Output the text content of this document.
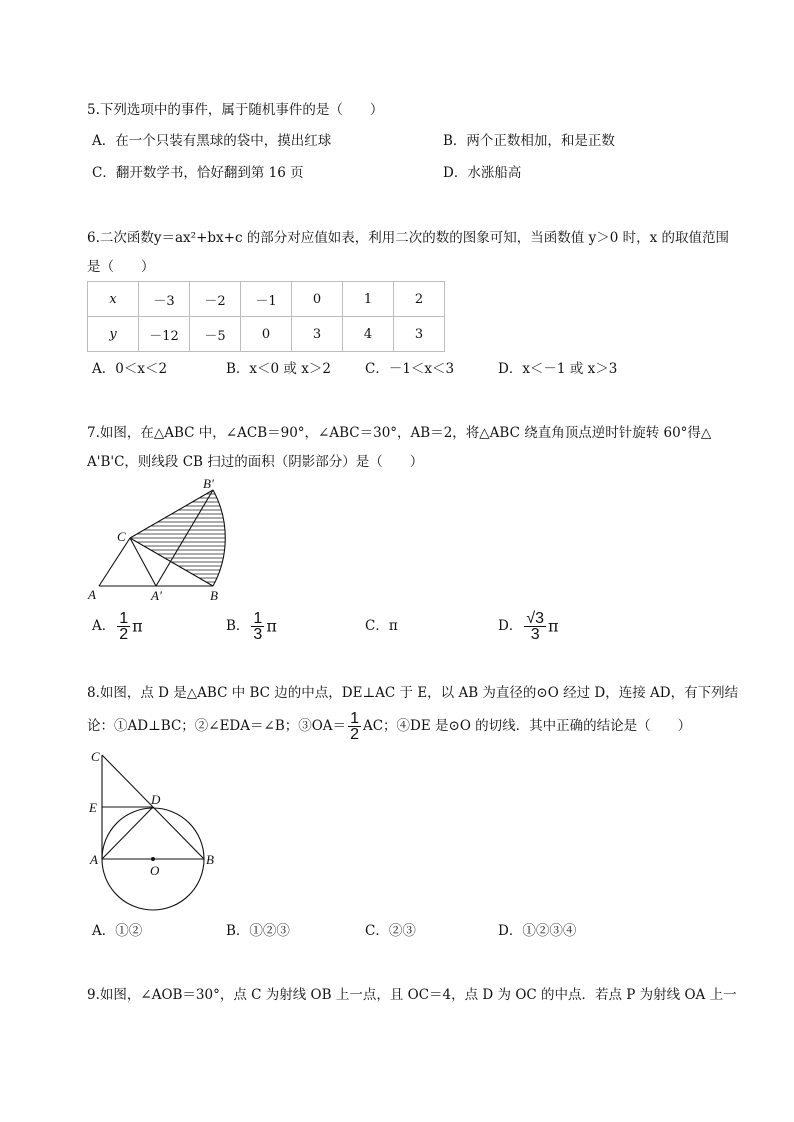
5.下列选项中的事件，属于随机事件的是（　　）
A．在一个只装有黑球的袋中，摸出红球	B．两个正数相加，和是正数
C．翻开数学书，恰好翻到第 16 页	D．水涨船高
6.二次函数y＝ax²+bx+c 的部分对应值如表，利用二次的数的图象可知，当函数值 y＞0 时，x 的取值范围
是（　　）
x	－3	－2	－1	0	1	2
y	－12	－5	0	3	4	3
A．0＜x＜2	B．x＜0 或 x＞2	C．－1＜x＜3	D．x＜－1 或 x＞3
7.如图，在△ABC 中，∠ACB＝90°，∠ABC＝30°，AB＝2，将△ABC 绕直角顶点逆时针旋转 60°得△
A'B'C，则线段 CB 扫过的面积（阴影部分）是（　　）
A	B
C
A'
B'
A． $\frac{1}{2}$ π	B． $\frac{1}{3}$ π	C．π	D． $\frac{√3}{3}$ π
8.如图，点 D 是△ABC 中 BC 边的中点，DE⊥AC 于 E，以 AB 为直径的⊙O 经过 D，连接 AD，有下列结
论：①AD⊥BC；②∠EDA＝∠B；③OA＝ $\frac{1}{2}$ AC；④DE 是⊙O 的切线．其中正确的结论是（　　）
C
E
D
A	B
O
A．①②	B．①②③	C．②③	D．①②③④
9.如图，∠AOB＝30°，点 C 为射线 OB 上一点，且 OC＝4，点 D 为 OC 的中点．若点 P 为射线 OA 上一
